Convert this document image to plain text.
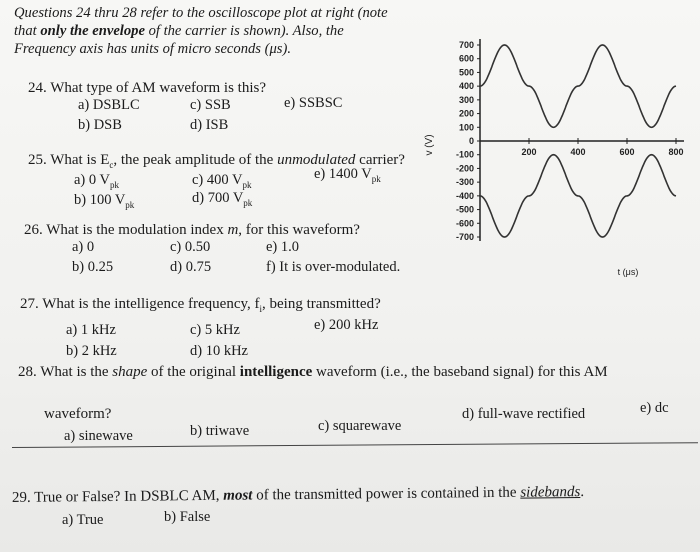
Questions 24 thru 28 refer to the oscilloscope plot at right (note
that only the envelope of the carrier is shown). Also, the
Frequency axis has units of micro seconds (μs).
24. What type of AM waveform is this?
a) DSBLC
b) DSB
c) SSB
d) ISB
e) SSBSC
25. What is $E_c$, the peak amplitude of the unmodulated carrier?
a) 0 $V_{pk}$
b) 100 $V_{pk}$
c) 400 $V_{pk}$
d) 700 $V_{pk}$
e) 1400 $V_{pk}$
26. What is the modulation index m, for this waveform?
a) 0
b) 0.25
c) 0.50
d) 0.75
e) 1.0
f) It is over-modulated.
27. What is the intelligence frequency, $f_i$, being transmitted?
a) 1 kHz
b) 2 kHz
c) 5 kHz
d) 10 kHz
e) 200 kHz
28. What is the shape of the original intelligence waveform (i.e., the baseband signal) for this AM
waveform?
a) sinewave	b) triwave	c) squarewave
d) full-wave rectified	e) dc
29. True or False? In DSBLC AM, most of the transmitted power is contained in the sidebands.
a) True	b) False
700
600
500
400
300
200
100
0
-100
-200
-300
-400
-500
-600
-700
200	400	600	800
v (V)
t (μs)
